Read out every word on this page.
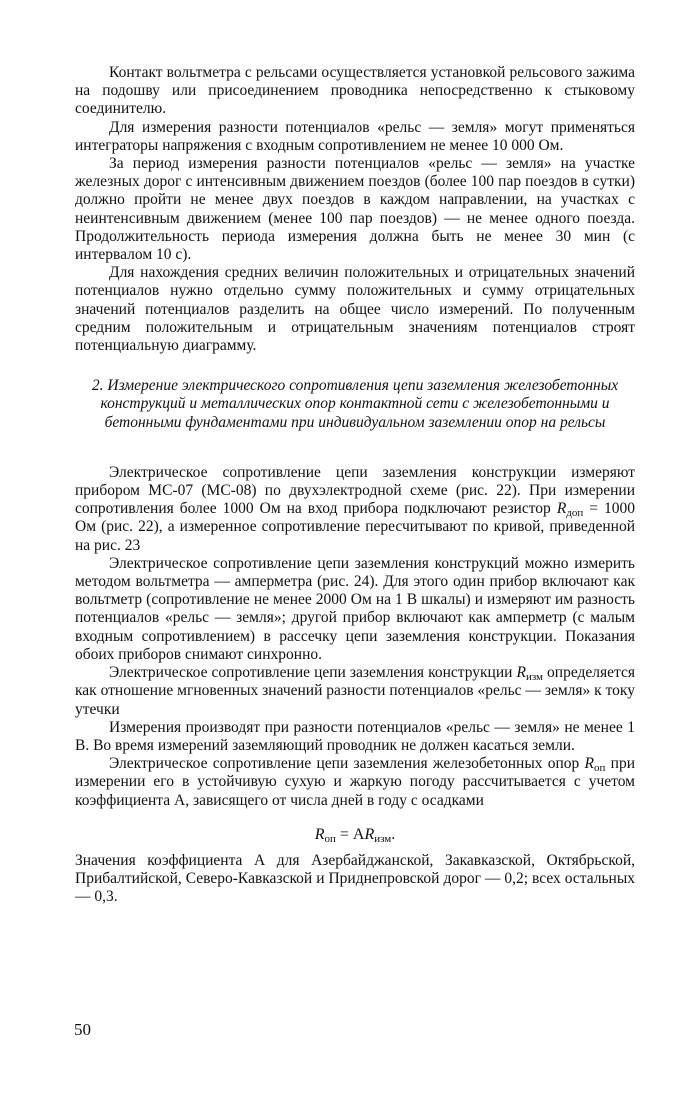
Контакт вольтметра с рельсами осуществляется установкой рельсового зажима на подошву или присоединением проводника непосредственно к стыковому соединителю.

Для измерения разности потенциалов «рельс — земля» могут применяться интеграторы напряжения с входным сопротивлением не менее 10 000 Ом.

За период измерения разности потенциалов «рельс — земля» на участке железных дорог с интенсивным движением поездов (более 100 пар поездов в сутки) должно пройти не менее двух поездов в каждом направлении, на участках с неинтенсивным движением (менее 100 пар поездов) — не менее одного поезда. Продолжительность периода измерения должна быть не менее 30 мин (с интервалом 10 с).

Для нахождения средних величин положительных и отрицательных значений потенциалов нужно отдельно сумму положительных и сумму отрицательных значений потенциалов разделить на общее число измерений. По полученным средним положительным и отрицательным значениям потенциалов строят потенциальную диаграмму.

2. Измерение электрического сопротивления цепи заземления железобетонных конструкций и металлических опор контактной сети с железобетонными и бетонными фундаментами при индивидуальном заземлении опор на рельсы

Электрическое сопротивление цепи заземления конструкции измеряют прибором МС-07 (МС-08) по двухэлектродной схеме (рис. 22). При измерении сопротивления более 1000 Ом на вход прибора подключают резистор $R_{доп} = 1000$ Ом (рис. 22), а измеренное сопротивление пересчитывают по кривой, приведенной на рис. 23

Электрическое сопротивление цепи заземления конструкций можно измерить методом вольтметра — амперметра (рис. 24). Для этого один прибор включают как вольтметр (сопротивление не менее 2000 Ом на 1 В шкалы) и измеряют им разность потенциалов «рельс — земля»; другой прибор включают как амперметр (с малым входным сопротивлением) в рассечку цепи заземления конструкции. Показания обоих приборов снимают синхронно.

Электрическое сопротивление цепи заземления конструкции $R_{изм}$ определяется как отношение мгновенных значений разности потенциалов «рельс — земля» к току утечки

Измерения производят при разности потенциалов «рельс — земля» не менее 1 В. Во время измерений заземляющий проводник не должен касаться земли.

Электрическое сопротивление цепи заземления железобетонных опор $R_{оп}$ при измерении его в устойчивую сухую и жаркую погоду рассчитывается с учетом коэффициента А, зависящего от числа дней в году с осадками

$R_{оп} = AR_{изм}$.

Значения коэффициента А для Азербайджанской, Закавказской, Октябрьской, Прибалтийской, Северо-Кавказской и Приднепровской дорог — 0,2; всех остальных — 0,3.

50
